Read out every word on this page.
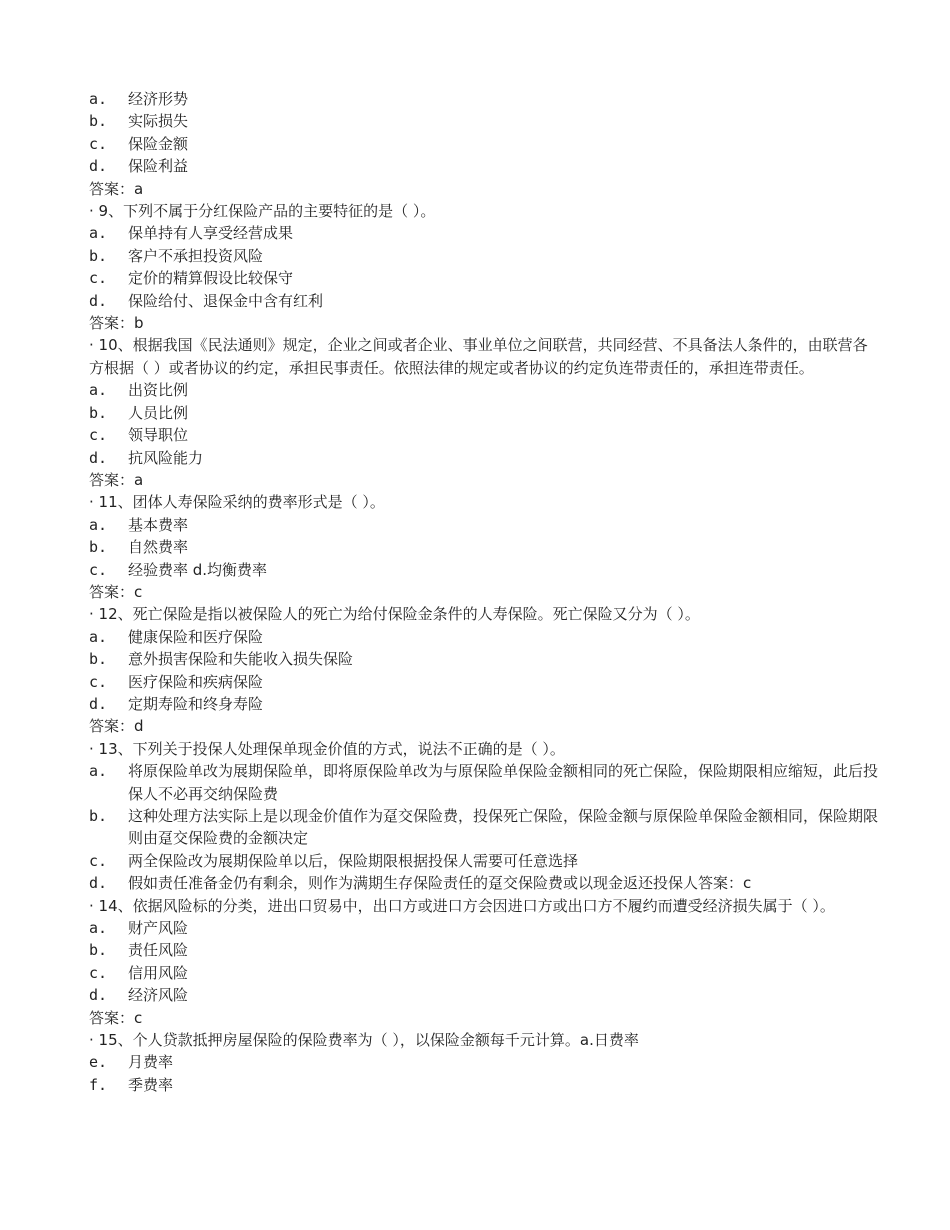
a.	经济形势
b.	实际损失
c.	保险金额
d.	保险利益
答案：a
· 9、下列不属于分红保险产品的主要特征的是（ ）。
a.	保单持有人享受经营成果
b.	客户不承担投资风险
c.	定价的精算假设比较保守
d.	保险给付、退保金中含有红利
答案：b
· 10、根据我国《民法通则》规定，企业之间或者企业、事业单位之间联营，共同经营、不具备法人条件的，由联营各方根据（ ）或者协议的约定，承担民事责任。依照法律的规定或者协议的约定负连带责任的，承担连带责任。
a.	出资比例
b.	人员比例
c.	领导职位
d.	抗风险能力
答案：a
· 11、团体人寿保险采纳的费率形式是（ ）。
a.	基本费率
b.	自然费率
c.	经验费率 d.均衡费率
答案：c
· 12、死亡保险是指以被保险人的死亡为给付保险金条件的人寿保险。死亡保险又分为（ ）。
a.	健康保险和医疗保险
b.	意外损害保险和失能收入损失保险
c.	医疗保险和疾病保险
d.	定期寿险和终身寿险
答案：d
· 13、下列关于投保人处理保单现金价值的方式，说法不正确的是（ ）。
a.	将原保险单改为展期保险单，即将原保险单改为与原保险单保险金额相同的死亡保险，保险期限相应缩短，此后投保人不必再交纳保险费
b.	这种处理方法实际上是以现金价值作为趸交保险费，投保死亡保险，保险金额与原保险单保险金额相同，保险期限则由趸交保险费的金额决定
c.	两全保险改为展期保险单以后，保险期限根据投保人需要可任意选择
d.	假如责任准备金仍有剩余，则作为满期生存保险责任的趸交保险费或以现金返还投保人答案：c
· 14、依据风险标的分类，进出口贸易中，出口方或进口方会因进口方或出口方不履约而遭受经济损失属于（ ）。
a.	财产风险
b.	责任风险
c.	信用风险
d.	经济风险
答案：c
· 15、个人贷款抵押房屋保险的保险费率为（ ），以保险金额每千元计算。a.日费率
e.	月费率
f.	季费率
